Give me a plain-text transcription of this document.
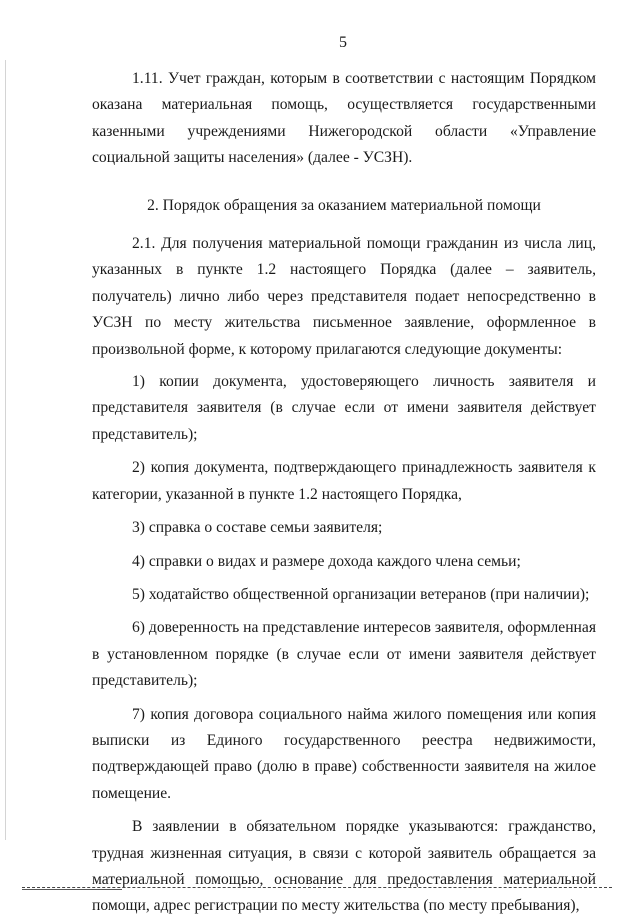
5

1.11. Учет граждан, которым в соответствии с настоящим Порядком оказана материальная помощь, осуществляется государственными казенными учреждениями Нижегородской области «Управление социальной защиты населения» (далее - УСЗН).

2. Порядок обращения за оказанием материальной помощи

2.1. Для получения материальной помощи гражданин из числа лиц, указанных в пункте 1.2 настоящего Порядка (далее – заявитель, получатель) лично либо через представителя подает непосредственно в УСЗН по месту жительства письменное заявление, оформленное в произвольной форме, к которому прилагаются следующие документы:

1) копии документа, удостоверяющего личность заявителя и представителя заявителя (в случае если от имени заявителя действует представитель);

2) копия документа, подтверждающего принадлежность заявителя к категории, указанной в пункте 1.2 настоящего Порядка,

3) справка о составе семьи заявителя;

4) справки о видах и размере дохода каждого члена семьи;

5) ходатайство общественной организации ветеранов (при наличии);

6) доверенность на представление интересов заявителя, оформленная в установленном порядке (в случае если от имени заявителя действует представитель);

7) копия договора социального найма жилого помещения или копия выписки из Единого государственного реестра недвижимости, подтверждающей право (долю в праве) собственности заявителя на жилое помещение.

В заявлении в обязательном порядке указываются: гражданство, трудная жизненная ситуация, в связи с которой заявитель обращается за материальной помощью, основание для предоставления материальной помощи, адрес регистрации по месту жительства (по месту пребывания),
